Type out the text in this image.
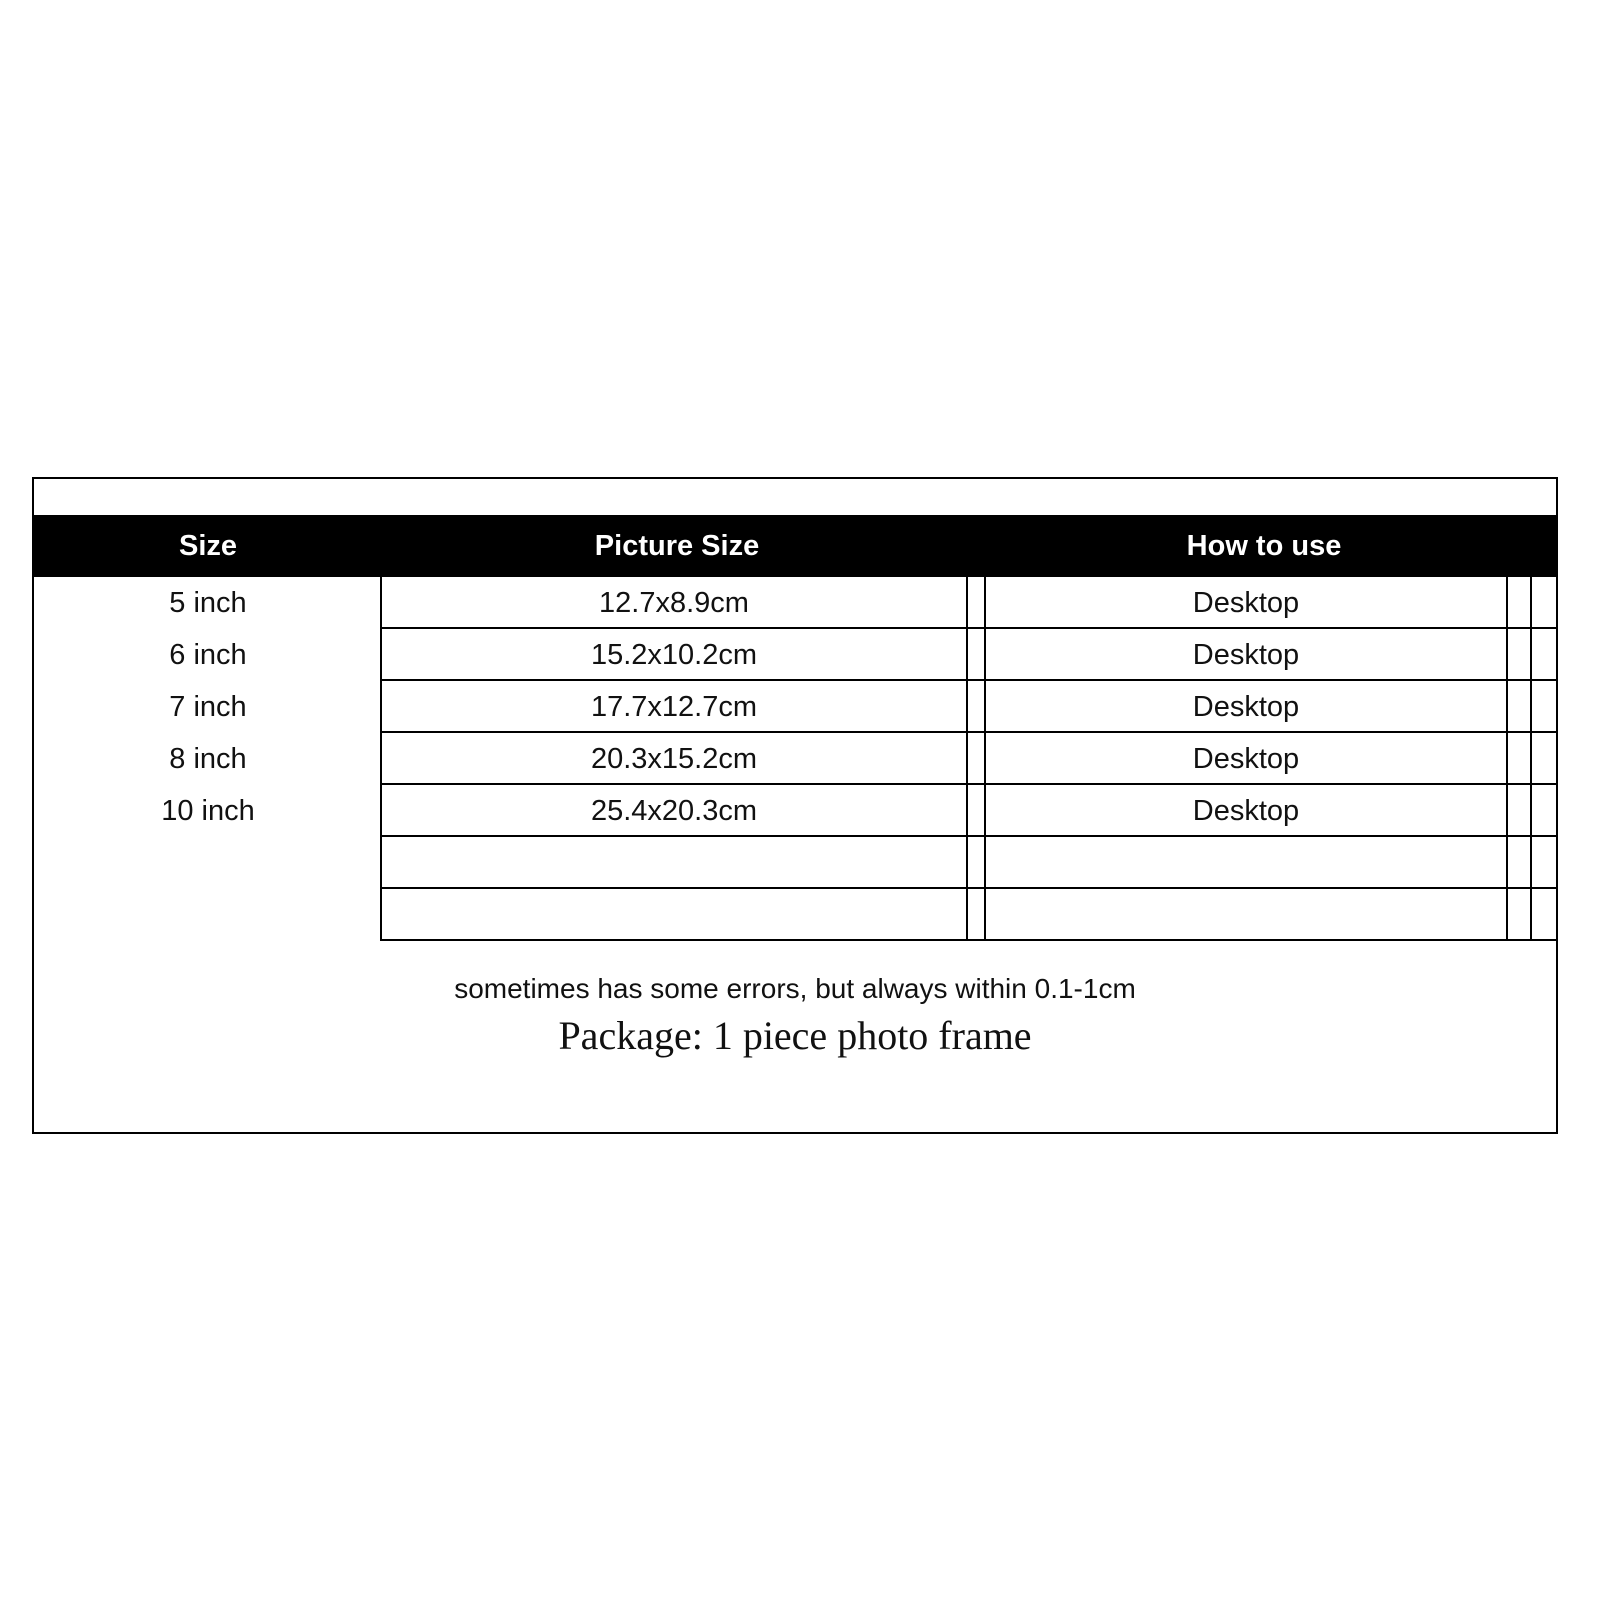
Size	Picture Size	How to use
5 inch
6 inch
7 inch
8 inch
10 inch
12.7x8.9cm
15.2x10.2cm
17.7x12.7cm
20.3x15.2cm
25.4x20.3cm
Desktop
Desktop
Desktop
Desktop
Desktop
sometimes has some errors, but always within 0.1-1cm
Package: 1 piece photo frame
